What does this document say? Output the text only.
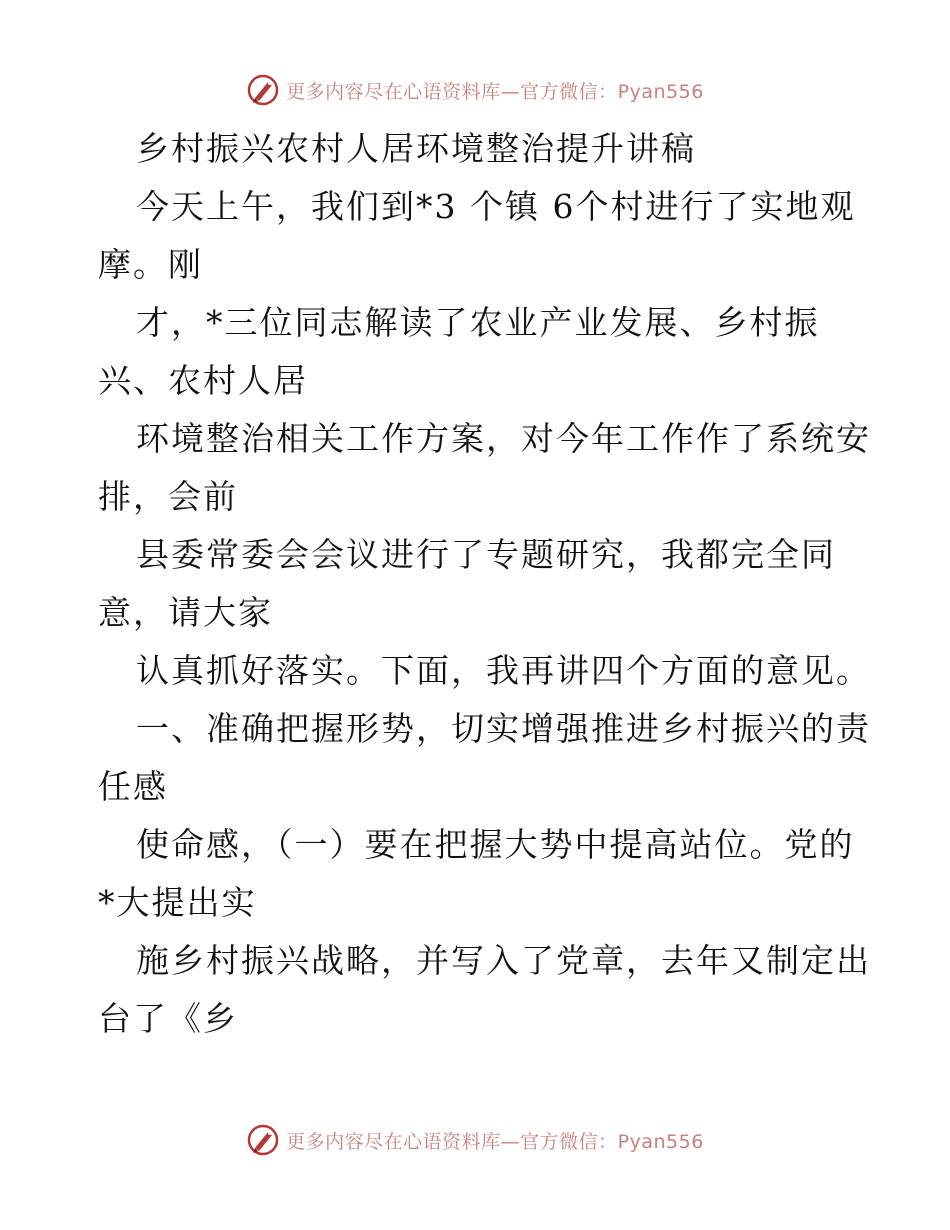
更多内容尽在心语资料库—官方微信：Pyan556
乡村振兴农村人居环境整治提升讲稿
今天上午，我们到*3 个镇 6个村进行了实地观
摩。刚
才，*三位同志解读了农业产业发展、乡村振
兴、农村人居
环境整治相关工作方案，对今年工作作了系统安
排，会前
县委常委会会议进行了专题研究，我都完全同
意，请大家
认真抓好落实。下面，我再讲四个方面的意见。
一、准确把握形势，切实增强推进乡村振兴的责
任感
使命感，（一）要在把握大势中提高站位。党的
*大提出实
施乡村振兴战略，并写入了党章，去年又制定出
台了《乡
更多内容尽在心语资料库—官方微信：Pyan556
